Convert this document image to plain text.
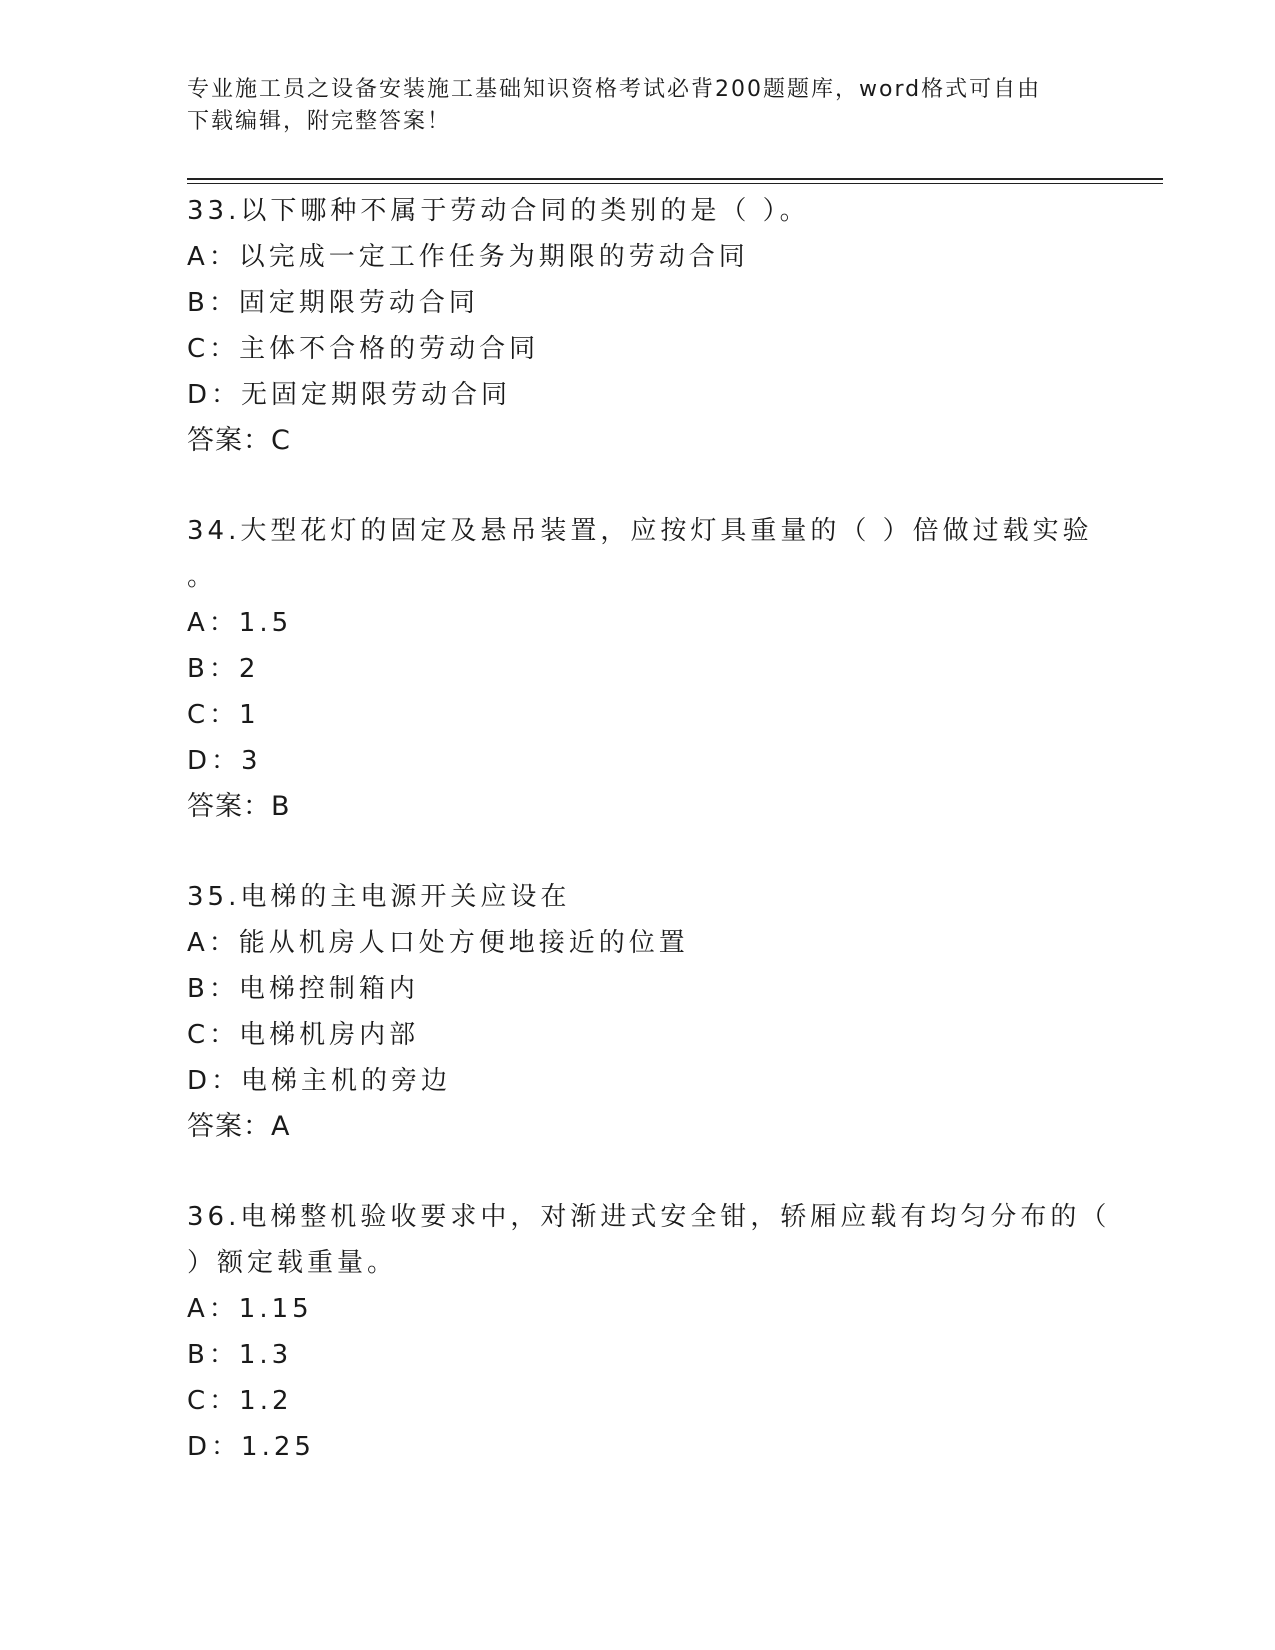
专业施工员之设备安装施工基础知识资格考试必背200题题库，word格式可自由
下载编辑，附完整答案！
33.以下哪种不属于劳动合同的类别的是（ ）。
A：以完成一定工作任务为期限的劳动合同
B：固定期限劳动合同
C：主体不合格的劳动合同
D：无固定期限劳动合同
答案：C
34.大型花灯的固定及悬吊装置，应按灯具重量的（ ）倍做过载实验
。
A：1.5
B：2
C：1
D：3
答案：B
35.电梯的主电源开关应设在
A：能从机房人口处方便地接近的位置
B：电梯控制箱内
C：电梯机房内部
D：电梯主机的旁边
答案：A
36.电梯整机验收要求中，对渐进式安全钳，轿厢应载有均匀分布的（
）额定载重量。
A：1.15
B：1.3
C：1.2
D：1.25
